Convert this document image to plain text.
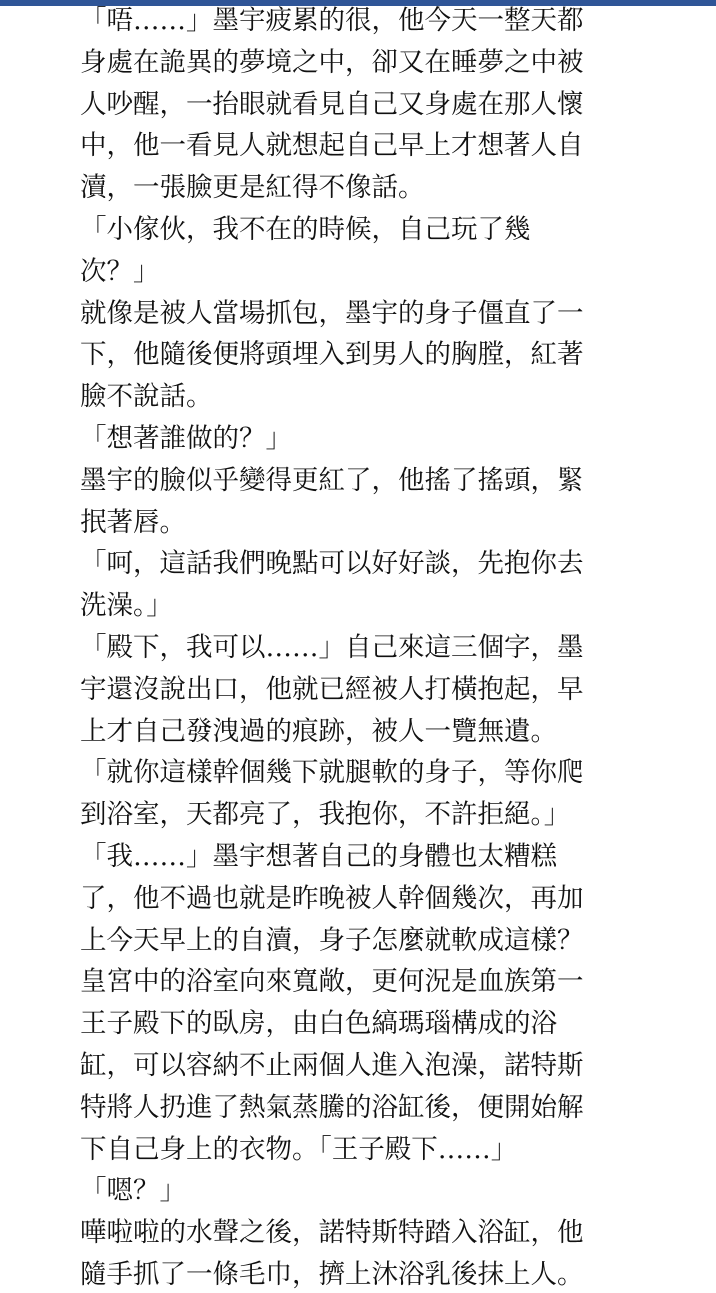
「唔……」墨宇疲累的很，他今天一整天都
身處在詭異的夢境之中，卻又在睡夢之中被
人吵醒，一抬眼就看見自己又身處在那人懷
中，他一看見人就想起自己早上才想著人自
瀆，一張臉更是紅得不像話。
「小傢伙，我不在的時候，自己玩了幾
次？」
就像是被人當場抓包，墨宇的身子僵直了一
下，他隨後便將頭埋入到男人的胸膛，紅著
臉不說話。
「想著誰做的？」
墨宇的臉似乎變得更紅了，他搖了搖頭，緊
抿著唇。
「呵，這話我們晚點可以好好談，先抱你去
洗澡。」
「殿下，我可以……」自己來這三個字，墨
宇還沒說出口，他就已經被人打橫抱起，早
上才自己發洩過的痕跡，被人一覽無遺。
「就你這樣幹個幾下就腿軟的身子，等你爬
到浴室，天都亮了，我抱你，不許拒絕。」
「我……」墨宇想著自己的身體也太糟糕
了，他不過也就是昨晚被人幹個幾次，再加
上今天早上的自瀆，身子怎麼就軟成這樣？
皇宮中的浴室向來寬敞，更何況是血族第一
王子殿下的臥房，由白色縞瑪瑙構成的浴
缸，可以容納不止兩個人進入泡澡，諾特斯
特將人扔進了熱氣蒸騰的浴缸後，便開始解
下自己身上的衣物。「王子殿下……」
「嗯？」
嘩啦啦的水聲之後，諾特斯特踏入浴缸，他
隨手抓了一條毛巾，擠上沐浴乳後抹上人。
